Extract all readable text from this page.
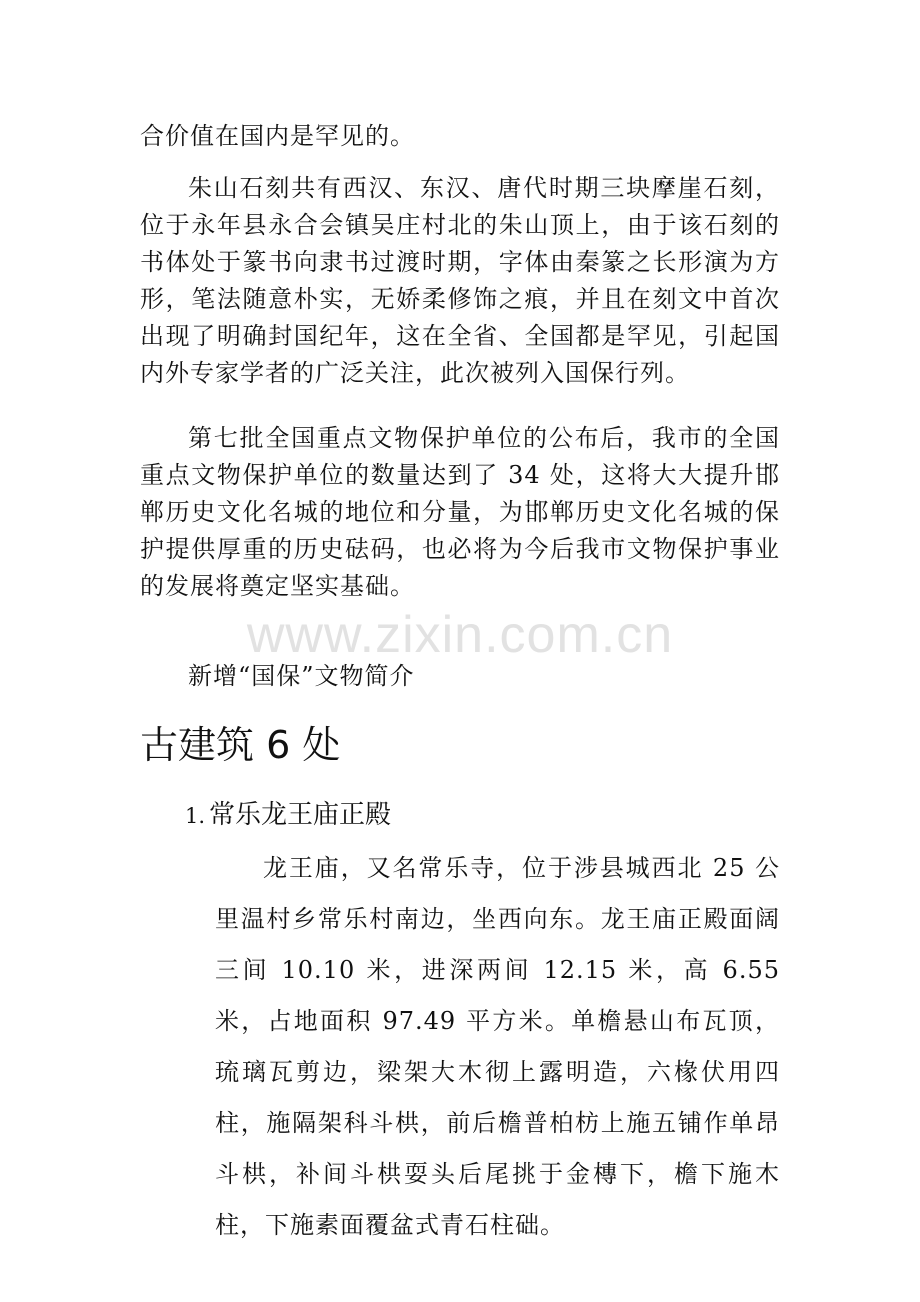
合价值在国内是罕见的。

朱山石刻共有西汉、东汉、唐代时期三块摩崖石刻，位于永年县永合会镇吴庄村北的朱山顶上，由于该石刻的书体处于篆书向隶书过渡时期，字体由秦篆之长形演为方形，笔法随意朴实，无娇柔修饰之痕，并且在刻文中首次出现了明确封国纪年，这在全省、全国都是罕见，引起国内外专家学者的广泛关注，此次被列入国保行列。

第七批全国重点文物保护单位的公布后，我市的全国重点文物保护单位的数量达到了 34 处，这将大大提升邯郸历史文化名城的地位和分量，为邯郸历史文化名城的保护提供厚重的历史砝码，也必将为今后我市文物保护事业的发展将奠定坚实基础。

www.zixin.com.cn
新增“国保”文物简介
古建筑 6 处
1. 常乐龙王庙正殿

龙王庙，又名常乐寺，位于涉县城西北 25 公里温村乡常乐村南边，坐西向东。龙王庙正殿面阔三间 10.10 米，进深两间 12.15 米，高 6.55 米，占地面积 97.49 平方米。单檐悬山布瓦顶，琉璃瓦剪边，梁架大木彻上露明造，六椽伏用四柱，施隔架科斗栱，前后檐普柏枋上施五铺作单昂斗栱，补间斗栱耍头后尾挑于金槫下，檐下施木柱，下施素面覆盆式青石柱础。
